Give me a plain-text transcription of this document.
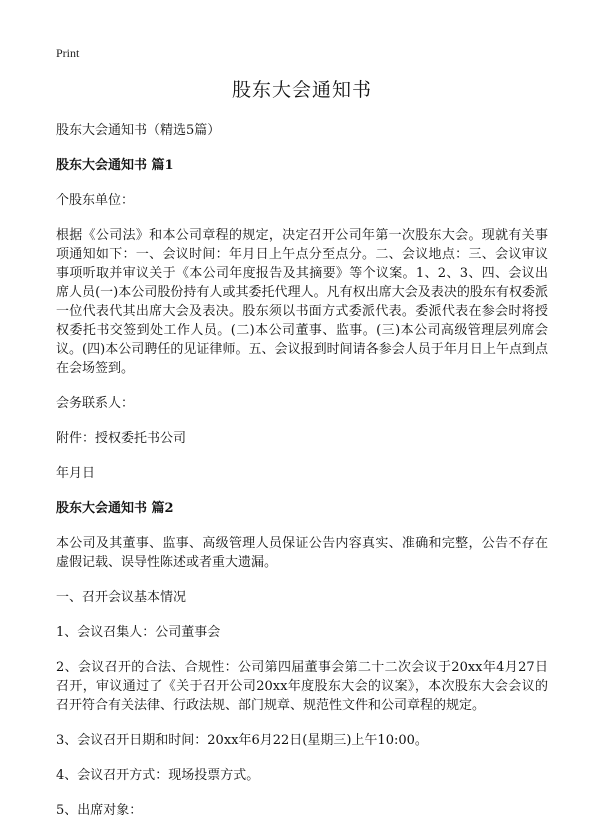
Print
股东大会通知书

股东大会通知书（精选5篇）

股东大会通知书 篇1

个股东单位：

根据《公司法》和本公司章程的规定，决定召开公司年第一次股东大会。现就有关事项通知如下：一、会议时间：年月日上午点分至点分。二、会议地点：三、会议审议事项听取并审议关于《本公司年度报告及其摘要》等个议案。1、2、3、四、会议出席人员(一)本公司股份持有人或其委托代理人。凡有权出席大会及表决的股东有权委派一位代表代其出席大会及表决。股东须以书面方式委派代表。委派代表在参会时将授权委托书交签到处工作人员。(二)本公司董事、监事。(三)本公司高级管理层列席会议。(四)本公司聘任的见证律师。五、会议报到时间请各参会人员于年月日上午点到点在会场签到。

会务联系人：

附件：授权委托书公司

年月日

股东大会通知书 篇2

本公司及其董事、监事、高级管理人员保证公告内容真实、准确和完整，公告不存在虚假记载、误导性陈述或者重大遗漏。

一、召开会议基本情况

1、会议召集人：公司董事会

2、会议召开的合法、合规性：公司第四届董事会第二十二次会议于20xx年4月27日召开，审议通过了《关于召开公司20xx年度股东大会的议案》，本次股东大会会议的召开符合有关法律、行政法规、部门规章、规范性文件和公司章程的规定。

3、会议召开日期和时间：20xx年6月22日(星期三)上午10:00。

4、会议召开方式：现场投票方式。

5、出席对象：
